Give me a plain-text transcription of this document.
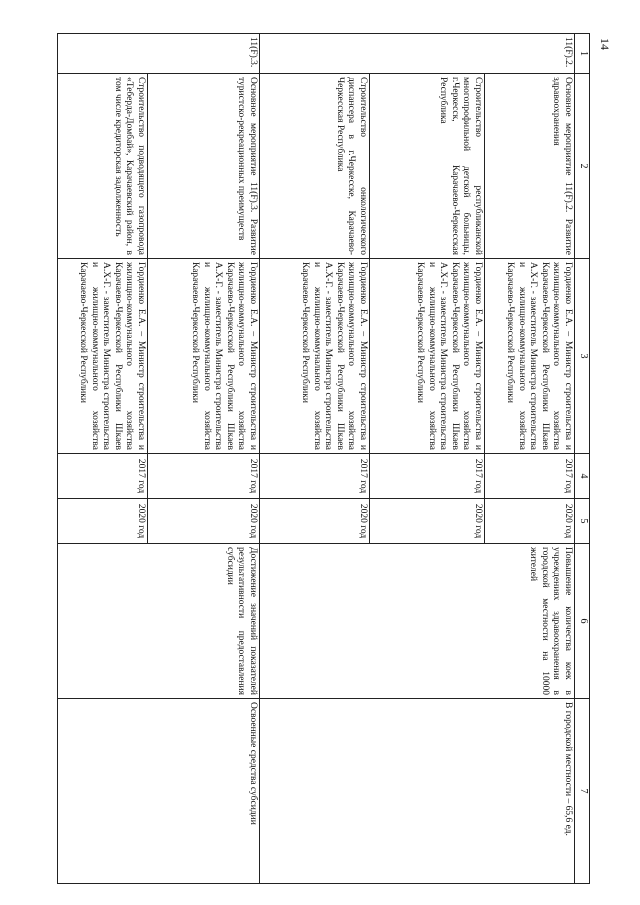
14
1	2	3	4	5	6	7
11(F).2.	Основное мероприятие 11(F).2. Развитие здравоохранения	Гордиенко Е.А. – Министр строительства и жилищно-коммунального хозяйства Карачаево-Черкесской Республики Шкаев А.Х-Г. - заместитель Министра строительства и жилищно-коммунального хозяйства Карачаево-Черкесской Республики	2017 год	2020 год	Повышение количества коек в учреждениях здравоохранения в городской местности на 10000 жителей	В городской местности – 65,6 ед.
	Строительство республиканской многопрофильной детской больницы, г.Черкесск, Карачаево-Черкесская Республика	Гордиенко Е.А. – Министр строительства и жилищно-коммунального хозяйства Карачаево-Черкесской Республики Шкаев А.Х-Г. - заместитель Министра строительства и жилищно-коммунального хозяйства Карачаево-Черкесской Республики	2017 год	2020 год		
	Строительство онкологического диспансера в г.Черкесске, Карачаево-Черкесская Республика	Гордиенко Е.А. – Министр строительства и жилищно-коммунального хозяйства Карачаево-Черкесской Республики Шкаев А.Х-Г. - заместитель Министра строительства и жилищно-коммунального хозяйства Карачаево-Черкесской Республики	2017 год	2020 год		
11(F).3.	Основное мероприятие 11(F).3. Развитие туристско-рекреационных преимуществ	Гордиенко Е.А. – Министр строительства и жилищно-коммунального хозяйства Карачаево-Черкесской Республики Шкаев А.Х-Г. - заместитель Министра строительства и жилищно-коммунального хозяйства Карачаево-Черкесской Республики	2017 год	2020 год	Достижение значений показателей результативности предоставления субсидии	Освоенные средства субсидии
	Строительство подводящего газопровода «Теберда-Домбай», Карачаевский район, в том числе кредиторская задолженность	Гордиенко Е.А. – Министр строительства и жилищно-коммунального хозяйства Карачаево-Черкесской Республики Шкаев А.Х-Г. - заместитель Министра строительства и жилищно-коммунального хозяйства Карачаево-Черкесской Республики	2017 год	2020 год		
